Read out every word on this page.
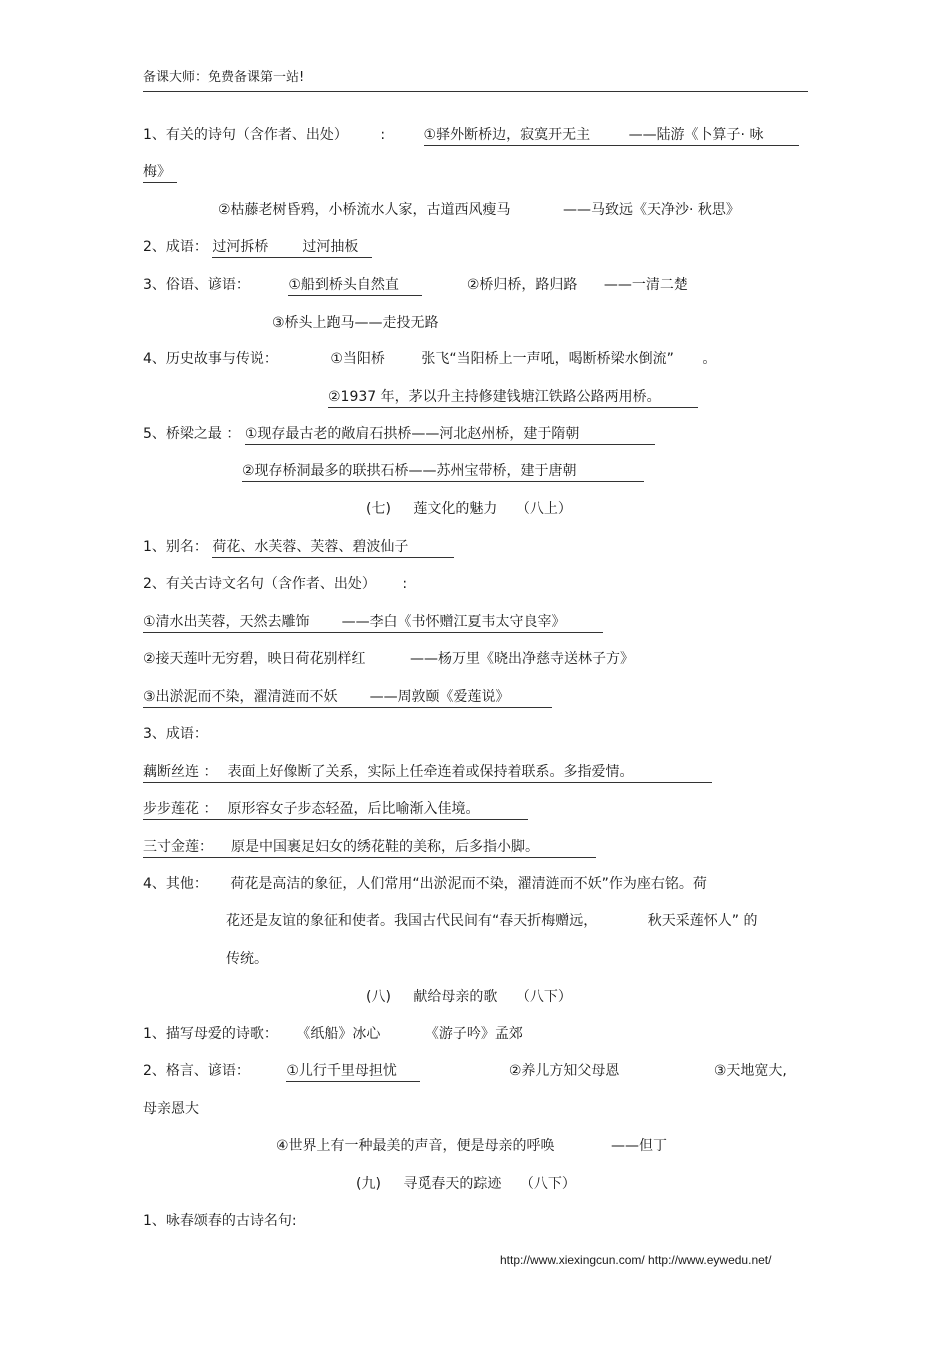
备课大师：免费备课第一站!
1、有关的诗句（含作者、出处） :	①驿外断桥边，寂寞开无主	——陆游《卜算子· 咏
梅》
②枯藤老树昏鸦，小桥流水人家，古道西风瘦马	——马致远《天净沙· 秋思》
2、成语： 过河拆桥 过河抽板
3、俗语、谚语：	①船到桥头自然直	②桥归桥，路归路 ——一清二楚
③桥头上跑马——走投无路
4、历史故事与传说：	①当阳桥	张飞“当阳桥上一声吼，喝断桥梁水倒流” 。
②1937 年，茅以升主持修建钱塘江铁路公路两用桥。
5、桥梁之最 ： ①现存最古老的敞肩石拱桥——河北赵州桥，建于隋朝
②现存桥洞最多的联拱石桥——苏州宝带桥，建于唐朝
(七) 莲文化的魅力 （八上）
1、别名： 荷花、水芙蓉、芙蓉、碧波仙子
2、有关古诗文名句（含作者、出处） :
①清水出芙蓉，天然去雕饰 ——李白《书怀赠江夏韦太守良宰》
②接天莲叶无穷碧，映日荷花别样红	——杨万里《晓出净慈寺送林子方》
③出淤泥而不染，濯清涟而不妖 ——周敦颐《爱莲说》
3、成语：
藕断丝连 ： 表面上好像断了关系，实际上任牵连着或保持着联系。多指爱情。
步步莲花 ： 原形容女子步态轻盈，后比喻渐入佳境。
三寸金莲： 原是中国裹足妇女的绣花鞋的美称，后多指小脚。
4、其他： 荷花是高洁的象征，人们常用“出淤泥而不染，濯清涟而不妖”作为座右铭。荷
花还是友谊的象征和使者。我国古代民间有“春天折梅赠远，	秋天采莲怀人” 的
传统。
(八) 献给母亲的歌 （八下）
1、描写母爱的诗歌： 《纸船》冰心	《游子吟》孟郊
2、格言、谚语：	①儿行千里母担忧	②养儿方知父母恩	③天地宽大,
母亲恩大
④世界上有一种最美的声音，便是母亲的呼唤	——但丁
(九) 寻觅春天的踪迹 （八下）
1、咏春颂春的古诗名句:
http://www.xiexingcun.com/ http://www.eywedu.net/
